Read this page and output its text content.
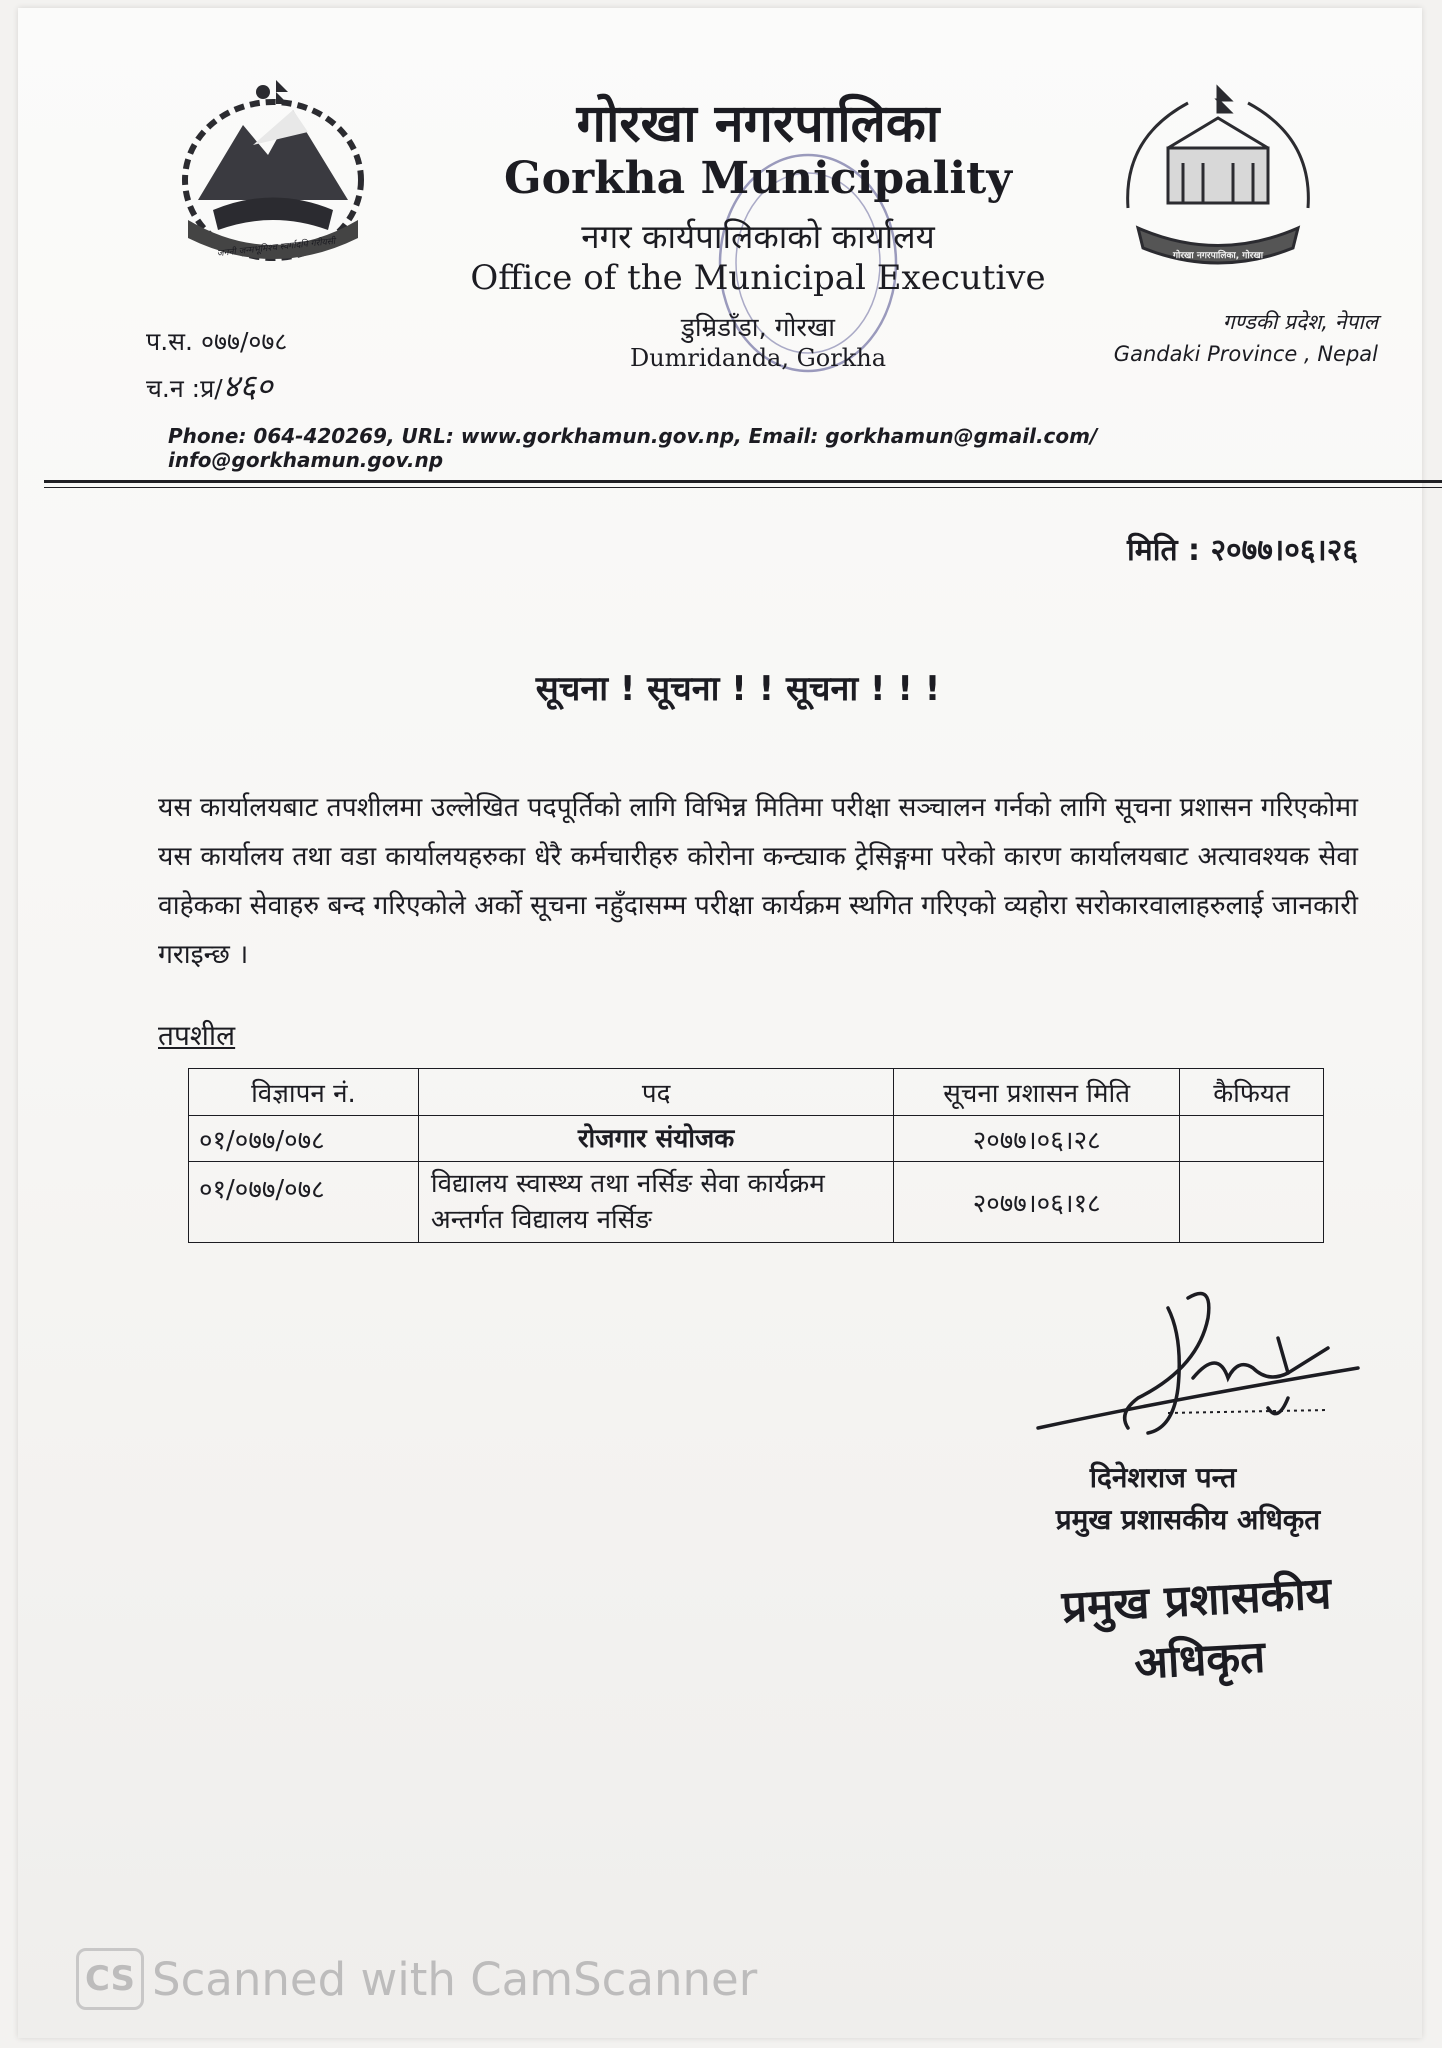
जननी जन्मभूमिश्च स्वर्गादपि गरीयसी	गोरखा नगरपालिका, गोरखा
गोरखा नगरपालिका
Gorkha Municipality
नगर कार्यपालिकाको कार्यालय
Office of the Municipal Executive
डुम्रिडाँडा, गोरखा
Dumridanda, Gorkha
प.स. ०७७/०७८
च.न :प्र/४६०
गण्डकी प्रदेश, नेपाल
Gandaki Province , Nepal
Phone: 064-420269, URL: www.gorkhamun.gov.np, Email: gorkhamun@gmail.com/ info@gorkhamun.gov.np
मिति : २०७७।०६।२६
सूचना ! सूचना ! ! सूचना ! ! !
यस कार्यालयबाट तपशीलमा उल्लेखित पदपूर्तिको लागि विभिन्न मितिमा परीक्षा सञ्चालन गर्नको लागि सूचना प्रशासन गरिएकोमा यस कार्यालय तथा वडा कार्यालयहरुका धेरै कर्मचारीहरु कोरोना कन्ट्याक ट्रेसिङ्गमा परेको कारण कार्यालयबाट अत्यावश्यक सेवा वाहेकका सेवाहरु बन्द गरिएकोले अर्को सूचना नहुँदासम्म परीक्षा कार्यक्रम स्थगित गरिएको व्यहोरा सरोकारवालाहरुलाई जानकारी गराइन्छ ।
तपशील
विज्ञापन नं.	पद	सूचना प्रशासन मिति	कैफियत
०१/०७७/०७८	रोजगार संयोजक	२०७७।०६।२८	
०१/०७७/०७८	विद्यालय स्वास्थ्य तथा नर्सिङ सेवा कार्यक्रम अन्तर्गत विद्यालय नर्सिङ	२०७७।०६।१८	
दिनेशराज पन्त
प्रमुख प्रशासकीय अधिकृत
प्रमुख प्रशासकीय अधिकृत
CS Scanned with CamScanner
